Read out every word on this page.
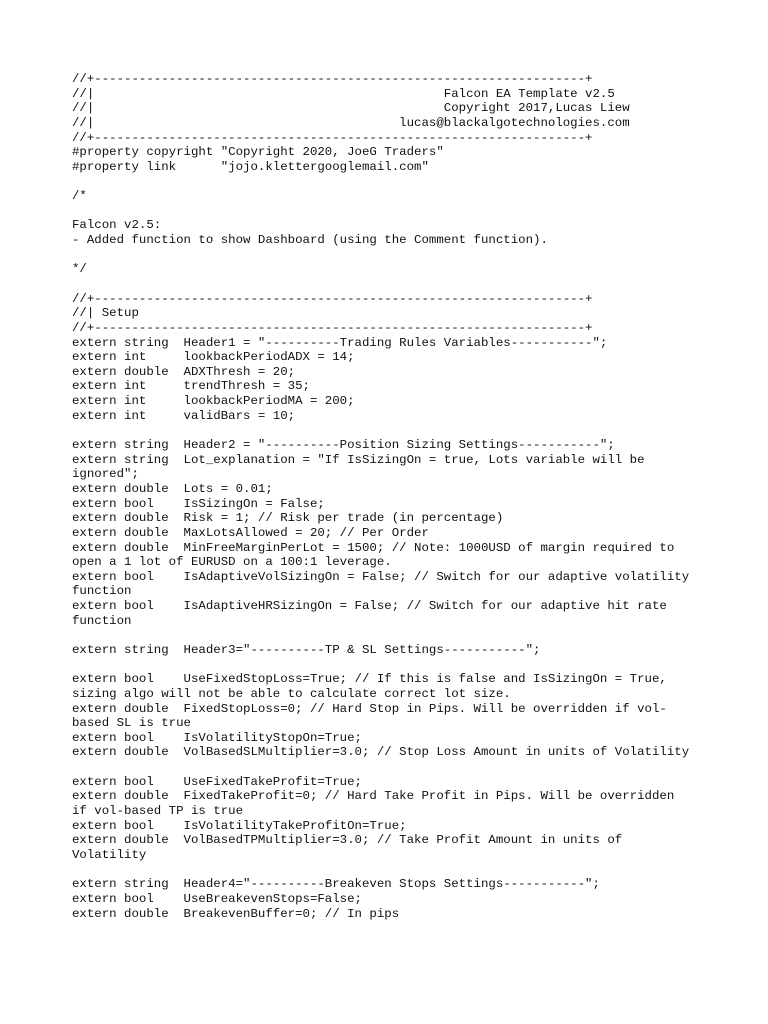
//+------------------------------------------------------------------+
//|                                               Falcon EA Template v2.5
//|                                               Copyright 2017,Lucas Liew
//|                                         lucas@blackalgotechnologies.com
//+------------------------------------------------------------------+
#property copyright "Copyright 2020, JoeG Traders"
#property link      "jojo.klettergooglemail.com"
/*
Falcon v2.5:
- Added function to show Dashboard (using the Comment function).
*/
//+------------------------------------------------------------------+
//| Setup
//+------------------------------------------------------------------+
extern string  Header1 = "----------Trading Rules Variables-----------";
extern int     lookbackPeriodADX = 14;
extern double  ADXThresh = 20;
extern int     trendThresh = 35;
extern int     lookbackPeriodMA = 200;
extern int     validBars = 10;
extern string  Header2 = "----------Position Sizing Settings-----------";
extern string  Lot_explanation = "If IsSizingOn = true, Lots variable will be
ignored";
extern double  Lots = 0.01;
extern bool    IsSizingOn = False;
extern double  Risk = 1; // Risk per trade (in percentage)
extern double  MaxLotsAllowed = 20; // Per Order
extern double  MinFreeMarginPerLot = 1500; // Note: 1000USD of margin required to
open a 1 lot of EURUSD on a 100:1 leverage.
extern bool    IsAdaptiveVolSizingOn = False; // Switch for our adaptive volatility
function
extern bool    IsAdaptiveHRSizingOn = False; // Switch for our adaptive hit rate
function
extern string  Header3="----------TP & SL Settings-----------";
extern bool    UseFixedStopLoss=True; // If this is false and IsSizingOn = True,
sizing algo will not be able to calculate correct lot size.
extern double  FixedStopLoss=0; // Hard Stop in Pips. Will be overridden if vol-
based SL is true
extern bool    IsVolatilityStopOn=True;
extern double  VolBasedSLMultiplier=3.0; // Stop Loss Amount in units of Volatility
extern bool    UseFixedTakeProfit=True;
extern double  FixedTakeProfit=0; // Hard Take Profit in Pips. Will be overridden
if vol-based TP is true
extern bool    IsVolatilityTakeProfitOn=True;
extern double  VolBasedTPMultiplier=3.0; // Take Profit Amount in units of
Volatility
extern string  Header4="----------Breakeven Stops Settings-----------";
extern bool    UseBreakevenStops=False;
extern double  BreakevenBuffer=0; // In pips
